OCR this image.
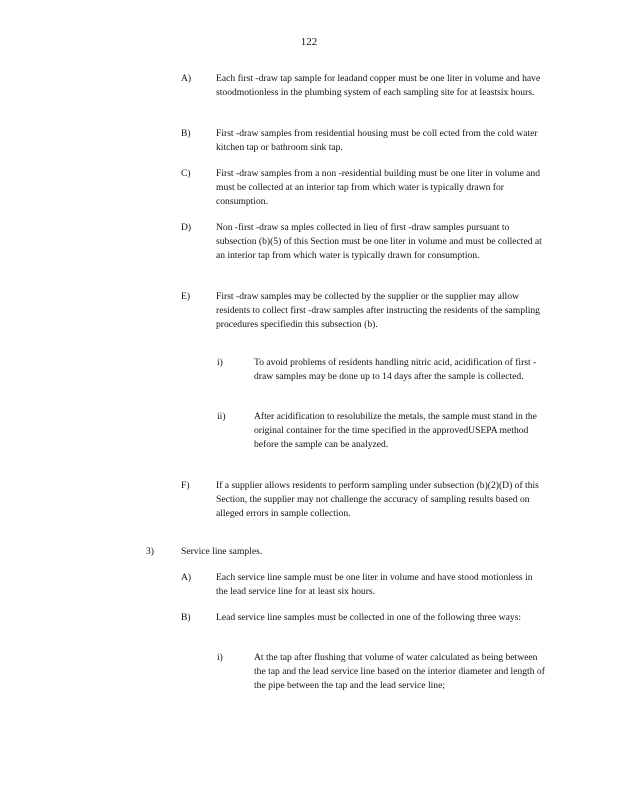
122
A)	Each first -draw tap sample for leadand copper must be one liter in volume and have stoodmotionless in the plumbing system of each sampling site for at leastsix hours.
B)	First -draw samples from residential housing must be coll ected from the cold water kitchen tap or bathroom sink tap.
C)	First -draw samples from a non -residential building must be one liter in volume and must be collected at an interior tap from which water is typically drawn for consumption.
D)	Non -first -draw sa mples collected in lieu of first -draw samples pursuant to subsection (b)(5) of this Section must be one liter in volume and must be collected at an interior tap from which water is typically drawn for consumption.
E)	First -draw samples may be collected by the supplier or the supplier may allow residents to collect first -draw samples after instructing the residents of the sampling procedures specifiedin this subsection (b).
i)	To avoid problems of residents handling nitric acid, acidification of first -draw samples may be done up to 14 days after the sample is collected.
ii)	After acidification to resolubilize the metals, the sample must stand in the original container for the time specified in the approvedUSEPA method before the sample can be analyzed.
F)	If a supplier allows residents to perform sampling under subsection (b)(2)(D) of this Section, the supplier may not challenge the accuracy of sampling results based on alleged errors in sample collection.
3)	Service line samples.
A)	Each service line sample must be one liter in volume and have stood motionless in the lead service line for at least six hours.
B)	Lead service line samples must be collected in one of the following three ways:
i)	At the tap after flushing that volume of water calculated as being between the tap and the lead service line based on the interior diameter and length of the pipe between the tap and the lead service line;
